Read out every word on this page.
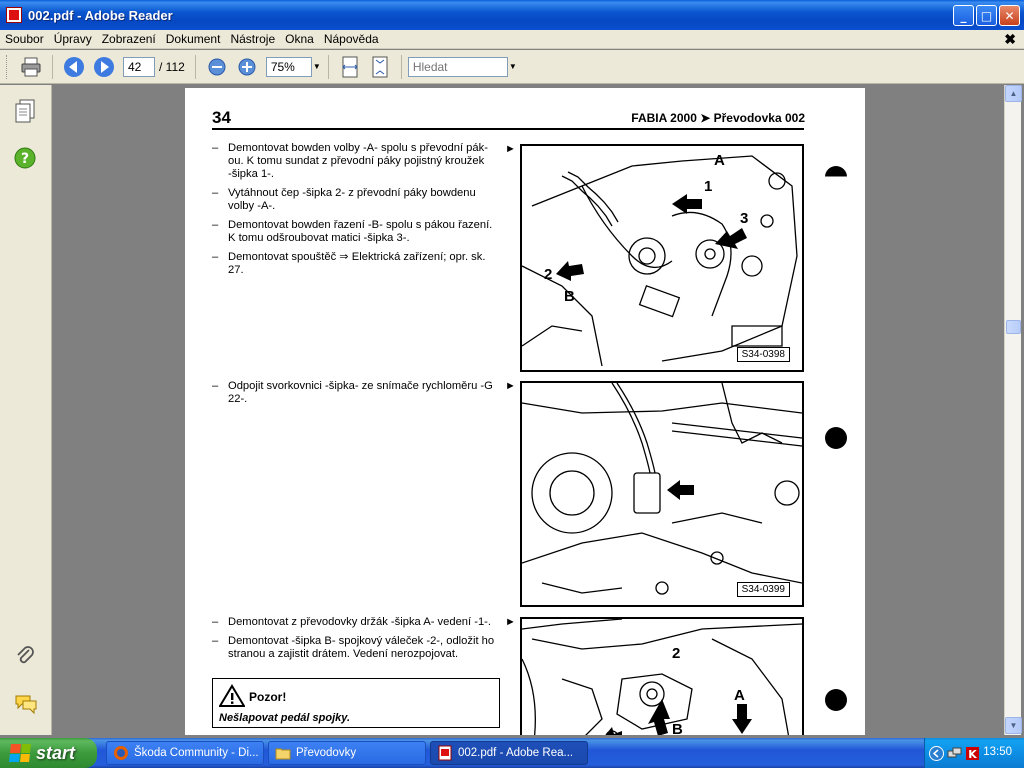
002.pdf - Adobe Reader	_	□	✕
Soubor Úpravy Zobrazení Dokument Nástroje Okna Nápověda	✖
42
/ 112
75%	▼
Hledat	▼
?
34	FABIA 2000 ➤ Převodovka 002
– Demontovat bowden volby -A- spolu s převodní pák-ou. K tomu sundat z převodní páky pojistný kroužek -šipka 1-.
– Vytáhnout čep -šipka 2- z převodní páky bowdenu volby -A-.
– Demontovat bowden řazení -B- spolu s pákou řazení. K tomu odšroubovat matici -šipka 3-.
– Demontovat spouštěč ⇒ Elektrická zařízení; opr. sk. 27.
►
A
1
3
2
B
S34-0398
– Odpojit svorkovnici -šipka- ze snímače rychloměru -G 22-.
►
S34-0399
– Demontovat z převodovky držák -šipka A- vedení -1-.
– Demontovat -šipka B- spojkový váleček -2-, odložit ho stranou a zajistit drátem. Vedení nerozpojovat.
►
2
A
B
Pozor!
Nešlapovat pedál spojky.
▲
▼
start	Škoda Community - Di...	Převodovky	002.pdf - Adobe Rea...	K 13:50
